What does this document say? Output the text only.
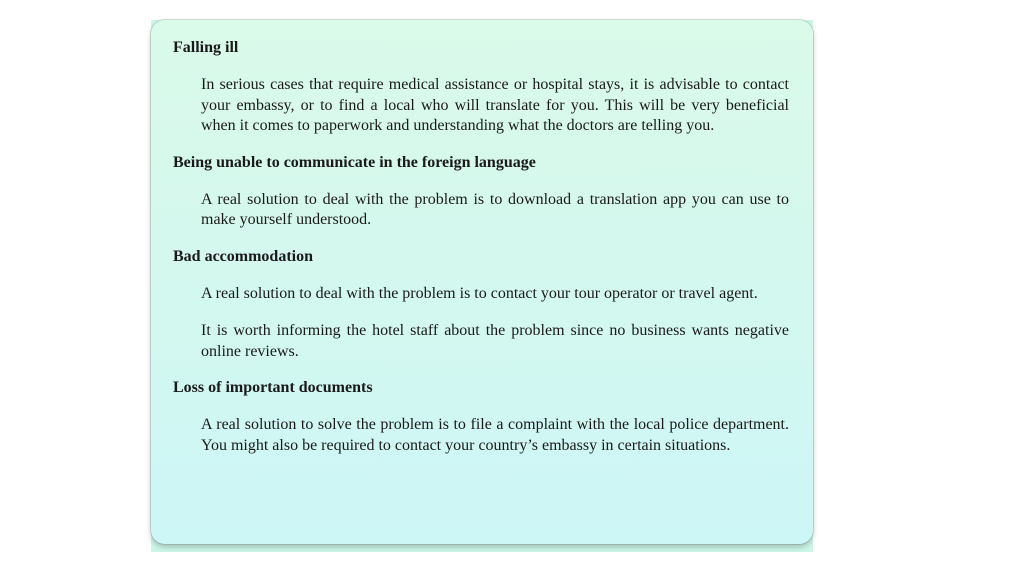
Falling ill

In serious cases that require medical assistance or hospital stays, it is advisable to contact your embassy, or to find a local who will translate for you. This will be very beneficial when it comes to paperwork and understanding what the doctors are telling you.

Being unable to communicate in the foreign language

A real solution to deal with the problem is to download a translation app you can use to make yourself understood.

Bad accommodation

A real solution to deal with the problem is to contact your tour operator or travel agent.

It is worth informing the hotel staff about the problem since no business wants negative online reviews.

Loss of important documents

A real solution to solve the problem is to file a complaint with the local police department. You might also be required to contact your country’s embassy in certain situations.
